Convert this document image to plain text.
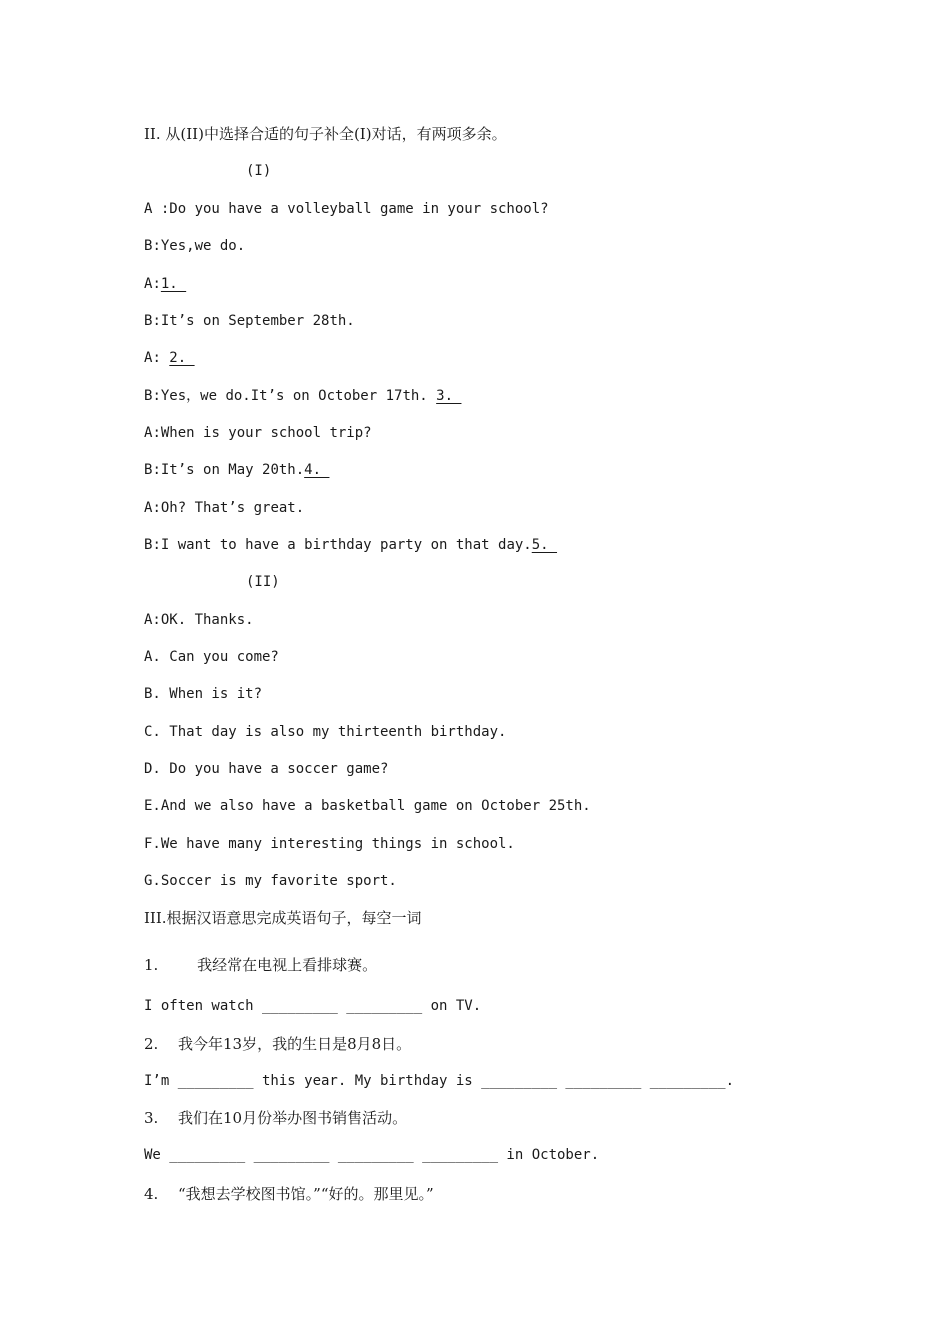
II. 从(II)中选择合适的句子补全(I)对话，有两项多余。
(I)
A :Do you have a volleyball game in your school?
B:Yes,we do.
A:1.
B:It’s on September 28th.
A: 2.
B:Yes，we do.It’s on October 17th. 3.
A:When is your school trip?
B:It’s on May 20th.4.
A:Oh? That’s great.
B:I want to have a birthday party on that day.5.
(II)
A:OK. Thanks.
A. Can you come?
B. When is it?
C. That day is also my thirteenth birthday.
D. Do you have a soccer game?
E.And we also have a basketball game on October 25th.
F.We have many interesting things in school.
G.Soccer is my favorite sport.
III.根据汉语意思完成英语句子，每空一词
1.    我经常在电视上看排球赛。
I often watch _________ _________ on TV.
2. 我今年13岁，我的生日是8月8日。
I’m _________ this year. My birthday is _________ _________ _________.
3. 我们在10月份举办图书销售活动。
We _________ _________ _________ _________ in October.
4. “我想去学校图书馆。”“好的。那里见。”
